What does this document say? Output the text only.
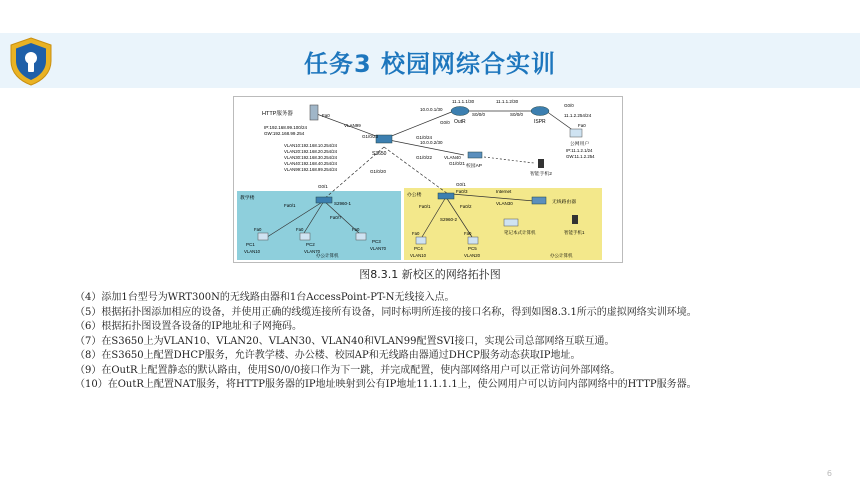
任务3 校园网综合实训
HTTP服务器
IP:192.168.99.100/24
GW:192.168.99.254
Fa0
VLAN99
S3650
G1/0/23	G1/0/24
G1/0/22
G1/0/20
G1/0/21
VLAN40
VLAN10:192.168.10.254/24
VLAN20:192.168.20.254/24
VLAN30:192.168.30.254/24
VLAN40:192.168.40.254/24
VLAN99:192.168.99.254/24
OutR
10.0.0.1/30
10.0.0.2/30
G0/0
S0/0/0
11.1.1.1/30	11.1.1.2/30
ISPR
S0/0/0
G0/0
11.1.2.254/24
Fa0
公网用户
IP:11.1.2.1/24
GW:11.1.2.254
校园AP
智能手机2
教学楼
G0/1
S2960-1
Fa0/1
Fa0/7
Fa0
PC1
VLAN10
Fa0
PC2
VLAN70
Fa0
PC3
VLAN70
办公计算机
办公楼
G0/1
S2960-2
Fa0/1	Fa0/2
Fa0/3	Internet
VLAN30	无线路由器
笔记本式计算机	智能手机1
Fa0
PC4
VLAN10
Fa0
PC5
VLAN20	办公计算机
图8.3.1 新校区的网络拓扑图

（4）添加1台型号为WRT300N的无线路由器和1台AccessPoint-PT-N无线接入点。

（5）根据拓扑图添加相应的设备，并使用正确的线缆连接所有设备，同时标明所连接的接口名称，得到如图8.3.1所示的虚拟网络实训环境。

（6）根据拓扑图设置各设备的IP地址和子网掩码。

（7）在S3650上为VLAN10、VLAN20、VLAN30、VLAN40和VLAN99配置SVI接口，实现公司总部网络互联互通。

（8）在S3650上配置DHCP服务，允许教学楼、办公楼、校园AP和无线路由器通过DHCP服务动态获取IP地址。

（9）在OutR上配置静态的默认路由，使用S0/0/0接口作为下一跳，并完成配置，使内部网络用户可以正常访问外部网络。

（10）在OutR上配置NAT服务，将HTTP服务器的IP地址映射到公有IP地址11.1.1.1上，使公网用户可以访问内部网络中的HTTP服务器。

6
